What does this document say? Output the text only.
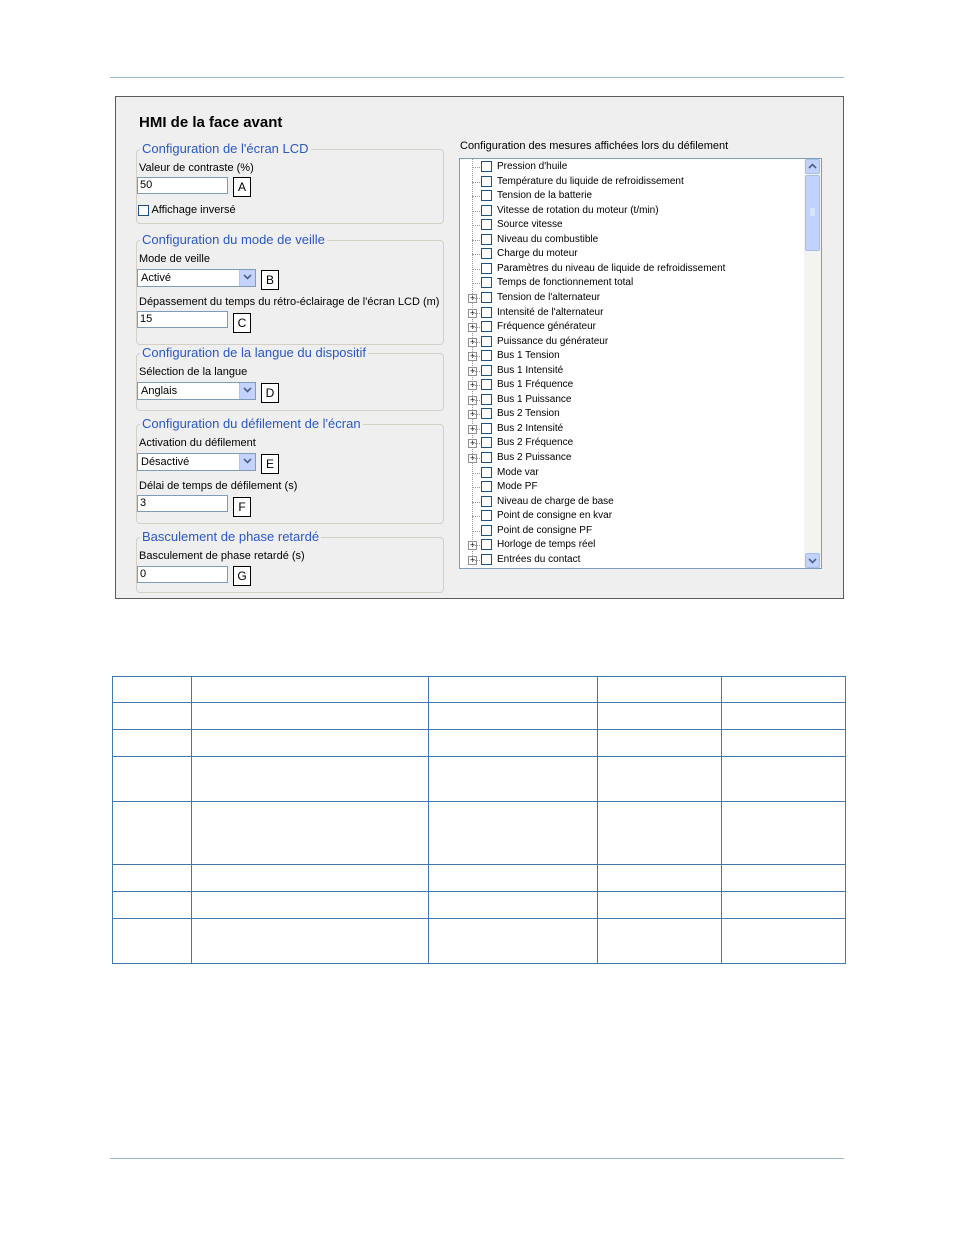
HMI de la face avant
Configuration de l'écran LCD
Valeur de contraste (%)
50	A
Affichage inversé
Configuration du mode de veille
Mode de veille
Activé	B
Dépassement du temps du rétro-éclairage de l'écran LCD (m)
15	C
Configuration de la langue du dispositif
Sélection de la langue
Anglais	D
Configuration du défilement de l'écran
Activation du défilement
Désactivé	E
Délai de temps de défilement (s)
3	F
Basculement de phase retardé
Basculement de phase retardé (s)
0	G
Configuration des mesures affichées lors du défilement
Pression d'huile
Température du liquide de refroidissement
Tension de la batterie
Vitesse de rotation du moteur (t/min)
Source vitesse
Niveau du combustible
Charge du moteur
Paramètres du niveau de liquide de refroidissement
Temps de fonctionnement total
+ Tension de l'alternateur
+ Intensité de l'alternateur
+ Fréquence générateur
+ Puissance du générateur
+ Bus 1 Tension
+ Bus 1 Intensité
+ Bus 1 Fréquence
+ Bus 1 Puissance
+ Bus 2 Tension
+ Bus 2 Intensité
+ Bus 2 Fréquence
+ Bus 2 Puissance
Mode var
Mode PF
Niveau de charge de base
Point de consigne en kvar
Point de consigne PF
+ Horloge de temps réel
+ Entrées du contact
